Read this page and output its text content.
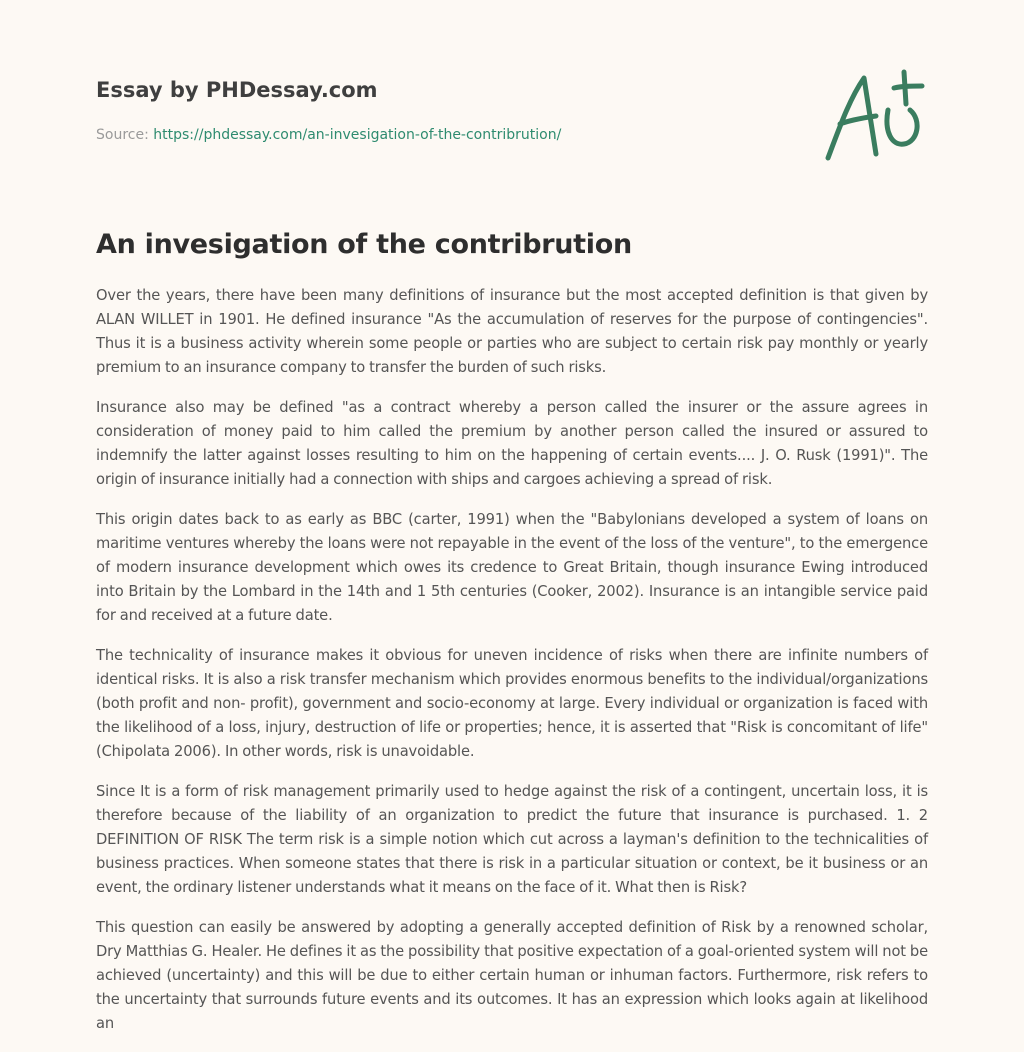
Essay by PHDessay.com
Source: https://phdessay.com/an-invesigation-of-the-contribrution/
An invesigation of the contribrution

Over the years, there have been many definitions of insurance but the most accepted definition is that given by ALAN WILLET in 1901. He defined insurance "As the accumulation of reserves for the purpose of contingencies". Thus it is a business activity wherein some people or parties who are subject to certain risk pay monthly or yearly premium to an insurance company to transfer the burden of such risks.

Insurance also may be defined "as a contract whereby a person called the insurer or the assure agrees in consideration of money paid to him called the premium by another person called the insured or assured to indemnify the latter against losses resulting to him on the happening of certain events.... J. O. Rusk (1991)". The origin of insurance initially had a connection with ships and cargoes achieving a spread of risk.

This origin dates back to as early as BBC (carter, 1991) when the "Babylonians developed a system of loans on maritime ventures whereby the loans were not repayable in the event of the loss of the venture", to the emergence of modern insurance development which owes its credence to Great Britain, though insurance Ewing introduced into Britain by the Lombard in the 14th and 1 5th centuries (Cooker, 2002). Insurance is an intangible service paid for and received at a future date.

The technicality of insurance makes it obvious for uneven incidence of risks when there are infinite numbers of identical risks. It is also a risk transfer mechanism which provides enormous benefits to the individual/organizations (both profit and non- profit), government and socio-economy at large. Every individual or organization is faced with the likelihood of a loss, injury, destruction of life or properties; hence, it is asserted that "Risk is concomitant of life" (Chipolata 2006). In other words, risk is unavoidable.

Since It is a form of risk management primarily used to hedge against the risk of a contingent, uncertain loss, it is therefore because of the liability of an organization to predict the future that insurance is purchased. 1. 2 DEFINITION OF RISK The term risk is a simple notion which cut across a layman's definition to the technicalities of business practices. When someone states that there is risk in a particular situation or context, be it business or an event, the ordinary listener understands what it means on the face of it. What then is Risk?

This question can easily be answered by adopting a generally accepted definition of Risk by a renowned scholar, Dry Matthias G. Healer. He defines it as the possibility that positive expectation of a goal-oriented system will not be achieved (uncertainty) and this will be due to either certain human or inhuman factors. Furthermore, risk refers to the uncertainty that surrounds future events and its outcomes. It has an expression which looks again at likelihood an
